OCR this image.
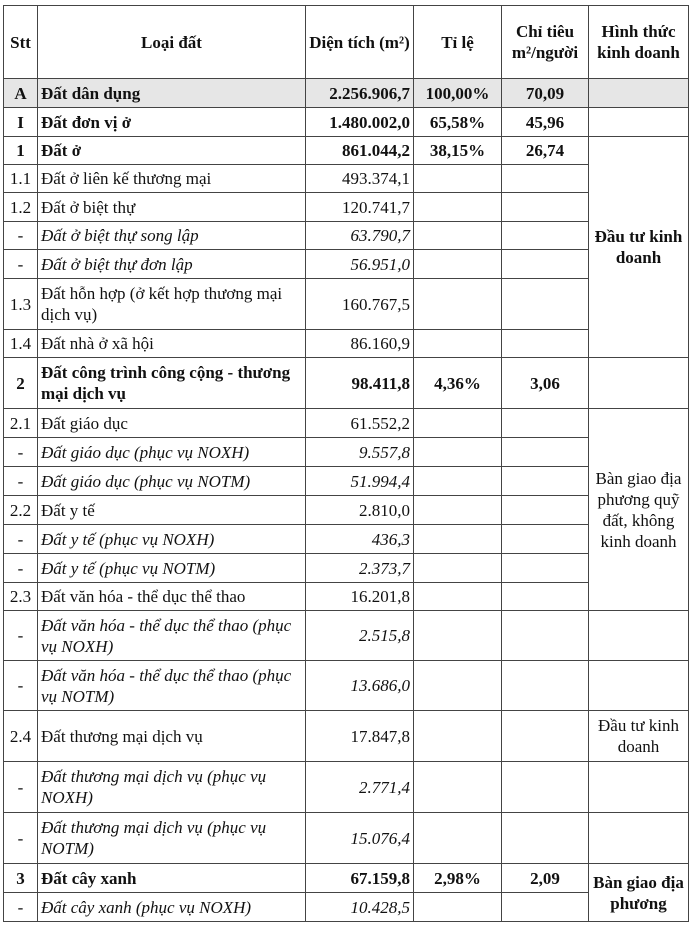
Stt	Loại đất	Diện tích (m²)	Tỉ lệ	Chỉ tiêu m²/người	Hình thức kinh doanh
A	Đất dân dụng	2.256.906,7	100,00%	70,09	
I	Đất đơn vị ở	1.480.002,0	65,58%	45,96	
1	Đất ở	861.044,2	38,15%	26,74	Đầu tư kinh doanh
1.1	Đất ở liên kế thương mại	493.374,1			
1.2	Đất ở biệt thự	120.741,7			
-	Đất ở biệt thự song lập	63.790,7			
-	Đất ở biệt thự đơn lập	56.951,0			
1.3	Đất hỗn hợp (ở kết hợp thương mại dịch vụ)	160.767,5			
1.4	Đất nhà ở xã hội	86.160,9			
2	Đất công trình công cộng - thương mại dịch vụ	98.411,8	4,36%	3,06	
2.1	Đất giáo dục	61.552,2			Bàn giao địa phương quỹ đất, không kinh doanh
-	Đất giáo dục (phục vụ NOXH)	9.557,8			
-	Đất giáo dục (phục vụ NOTM)	51.994,4			
2.2	Đất y tế	2.810,0			
-	Đất y tế (phục vụ NOXH)	436,3			
-	Đất y tế (phục vụ NOTM)	2.373,7			
2.3	Đất văn hóa - thể dục thể thao	16.201,8			
-	Đất văn hóa - thể dục thể thao (phục vụ NOXH)	2.515,8			
-	Đất văn hóa - thể dục thể thao (phục vụ NOTM)	13.686,0			
2.4	Đất thương mại dịch vụ	17.847,8			Đầu tư kinh doanh
-	Đất thương mại dịch vụ (phục vụ NOXH)	2.771,4			
-	Đất thương mại dịch vụ (phục vụ NOTM)	15.076,4			
3	Đất cây xanh	67.159,8	2,98%	2,09	Bàn giao địa phương
-	Đất cây xanh (phục vụ NOXH)	10.428,5			
